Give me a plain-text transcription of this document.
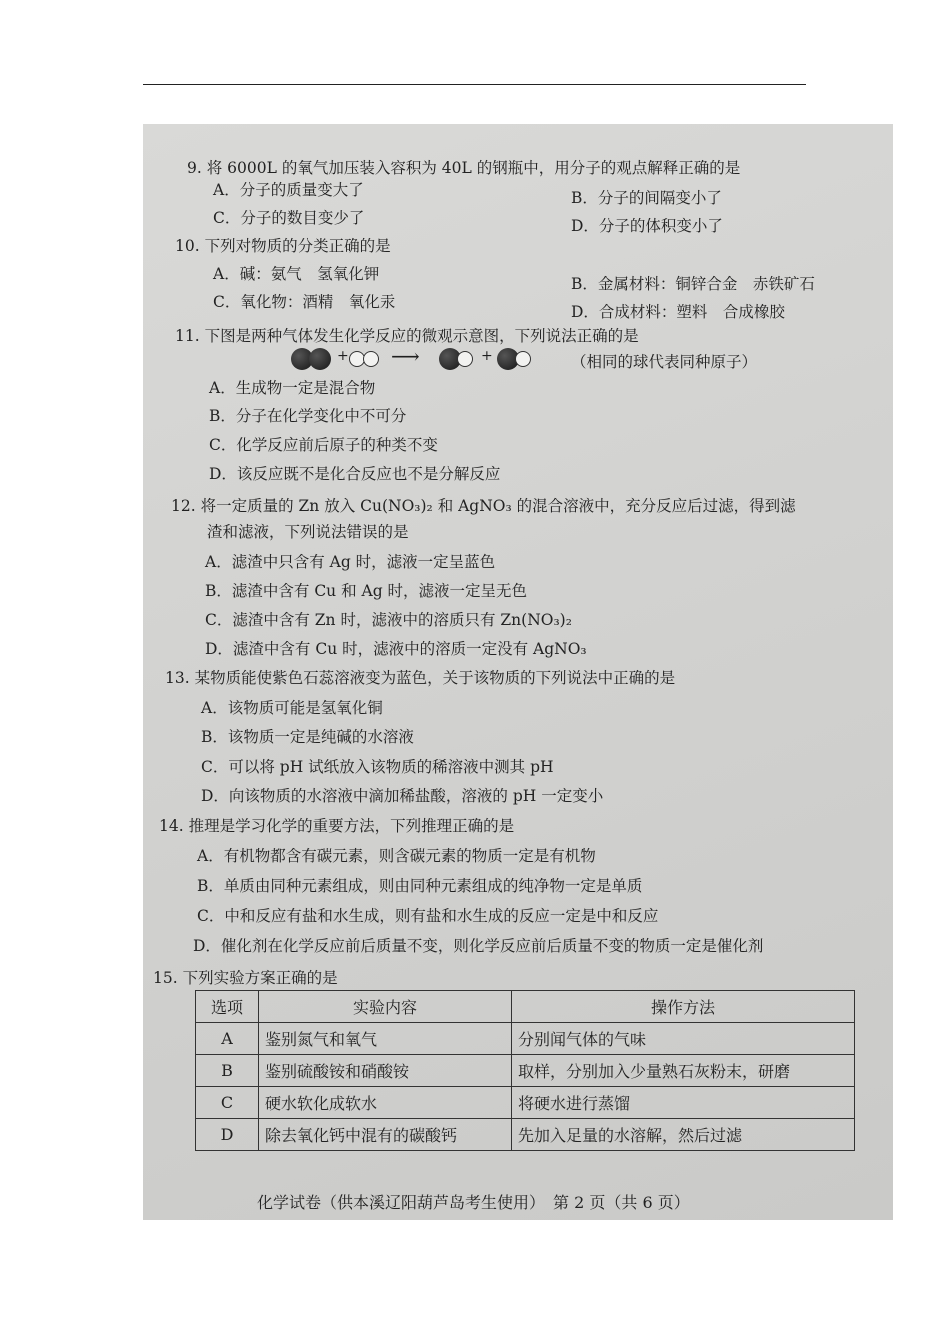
9. 将 6000L 的氧气加压装入容积为 40L 的钢瓶中，用分子的观点解释正确的是
A．分子的质量变大了	B．分子的间隔变小了
C．分子的数目变少了	D．分子的体积变小了
10. 下列对物质的分类正确的是
A．碱：氨气　氢氧化钾
B．金属材料：铜锌合金　赤铁矿石
C．氧化物：酒精　氧化汞
D．合成材料：塑料　合成橡胶
11. 下图是两种气体发生化学反应的微观示意图，下列说法正确的是
+ ⟶	+	（相同的球代表同种原子）
A．生成物一定是混合物
B．分子在化学变化中不可分
C．化学反应前后原子的种类不变
D．该反应既不是化合反应也不是分解反应
12. 将一定质量的 Zn 放入 Cu(NO₃)₂ 和 AgNO₃ 的混合溶液中，充分反应后过滤，得到滤
渣和滤液，下列说法错误的是
A．滤渣中只含有 Ag 时，滤液一定呈蓝色
B．滤渣中含有 Cu 和 Ag 时，滤液一定呈无色
C．滤渣中含有 Zn 时，滤液中的溶质只有 Zn(NO₃)₂
D．滤渣中含有 Cu 时，滤液中的溶质一定没有 AgNO₃
13. 某物质能使紫色石蕊溶液变为蓝色，关于该物质的下列说法中正确的是
A．该物质可能是氢氧化铜
B．该物质一定是纯碱的水溶液
C．可以将 pH 试纸放入该物质的稀溶液中测其 pH
D．向该物质的水溶液中滴加稀盐酸，溶液的 pH 一定变小
14. 推理是学习化学的重要方法，下列推理正确的是
A．有机物都含有碳元素，则含碳元素的物质一定是有机物
B．单质由同种元素组成，则由同种元素组成的纯净物一定是单质
C．中和反应有盐和水生成，则有盐和水生成的反应一定是中和反应
D．催化剂在化学反应前后质量不变，则化学反应前后质量不变的物质一定是催化剂
15. 下列实验方案正确的是
选项	实验内容	操作方法
A	鉴别氮气和氧气	分别闻气体的气味
B	鉴别硫酸铵和硝酸铵	取样，分别加入少量熟石灰粉末，研磨
C	硬水软化成软水	将硬水进行蒸馏
D	除去氧化钙中混有的碳酸钙	先加入足量的水溶解，然后过滤
化学试卷（供本溪辽阳葫芦岛考生使用）　第 2 页（共 6 页）
